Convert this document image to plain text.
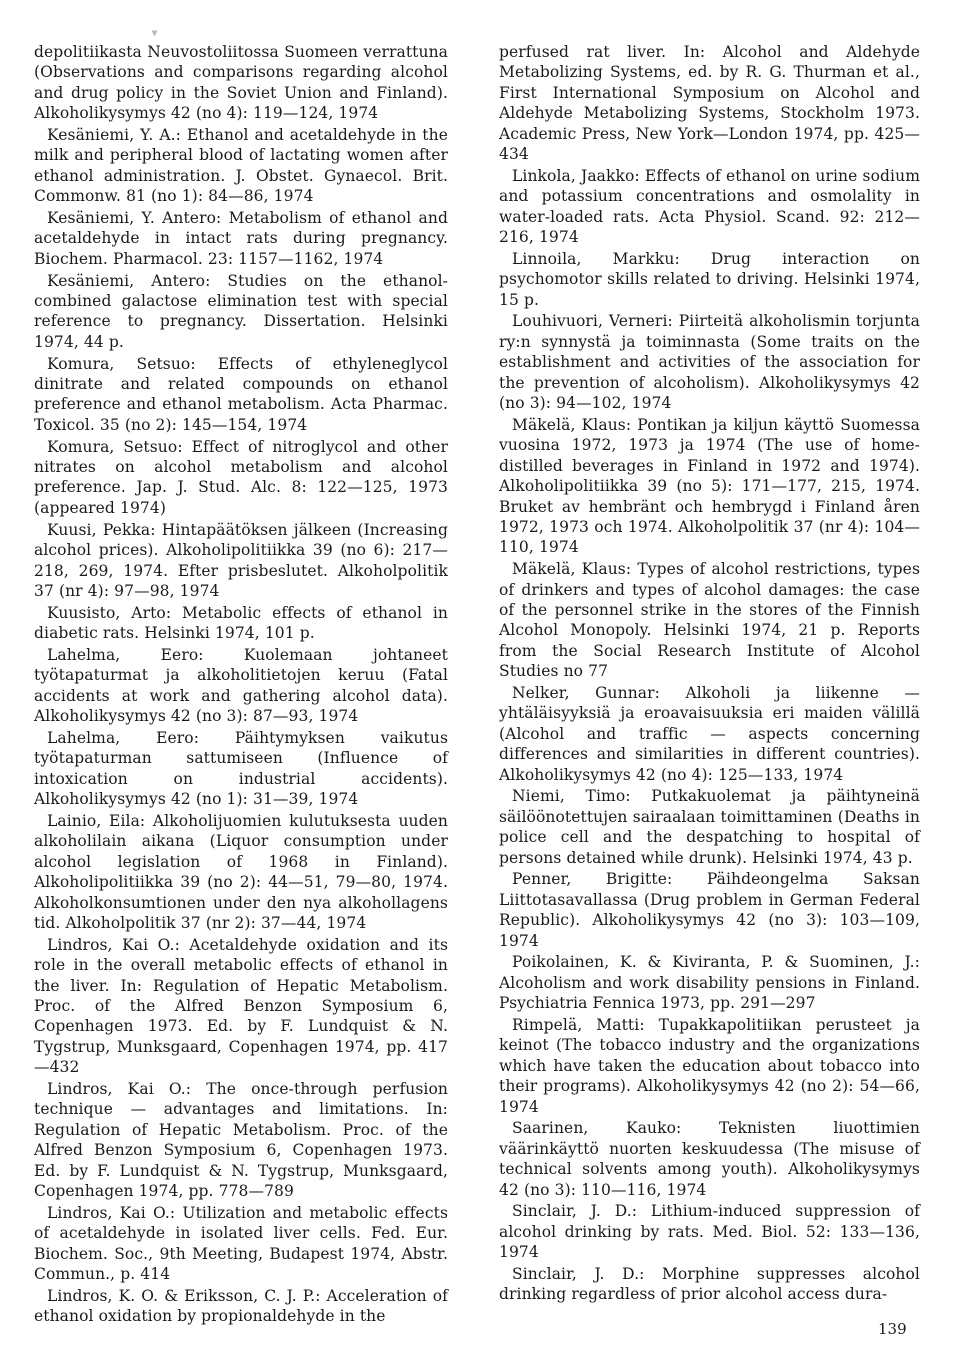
depolitiikasta Neuvostoliitossa Suomeen verrattuna (Observations and comparisons regarding alcohol and drug policy in the Soviet Union and Finland). Alkoholikysymys 42 (no 4): 119—124, 1974

Kesäniemi, Y. A.: Ethanol and acetaldehyde in the milk and peripheral blood of lactating women after ethanol administration. J. Obstet. Gynaecol. Brit. Commonw. 81 (no 1): 84—86, 1974

Kesäniemi, Y. Antero: Metabolism of ethanol and acetaldehyde in intact rats during pregnancy. Biochem. Pharmacol. 23: 1157—1162, 1974

Kesäniemi, Antero: Studies on the ethanol-combined galactose elimination test with special reference to pregnancy. Dissertation. Helsinki 1974, 44 p.

Komura, Setsuo: Effects of ethyleneglycol dinitrate and related compounds on ethanol preference and ethanol metabolism. Acta Pharmac. Toxicol. 35 (no 2): 145—154, 1974

Komura, Setsuo: Effect of nitroglycol and other nitrates on alcohol metabolism and alcohol preference. Jap. J. Stud. Alc. 8: 122—125, 1973 (appeared 1974)

Kuusi, Pekka: Hintapäätöksen jälkeen (Increasing alcohol prices). Alkoholipolitiikka 39 (no 6): 217—218, 269, 1974. Efter prisbeslutet. Alkoholpolitik 37 (nr 4): 97—98, 1974

Kuusisto, Arto: Metabolic effects of ethanol in diabetic rats. Helsinki 1974, 101 p.

Lahelma, Eero: Kuolemaan johtaneet työtapaturmat ja alkoholitietojen keruu (Fatal accidents at work and gathering alcohol data). Alkoholikysymys 42 (no 3): 87—93, 1974

Lahelma, Eero: Päihtymyksen vaikutus työtapaturman sattumiseen (Influence of intoxication on industrial accidents). Alkoholikysymys 42 (no 1): 31—39, 1974

Lainio, Eila: Alkoholijuomien kulutuksesta uuden alkoholilain aikana (Liquor consumption under alcohol legislation of 1968 in Finland). Alkoholipolitiikka 39 (no 2): 44—51, 79—80, 1974. Alkoholkonsumtionen under den nya alkohollagens tid. Alkoholpolitik 37 (nr 2): 37—44, 1974

Lindros, Kai O.: Acetaldehyde oxidation and its role in the overall metabolic effects of ethanol in the liver. In: Regulation of Hepatic Metabolism. Proc. of the Alfred Benzon Symposium 6, Copenhagen 1973. Ed. by F. Lundquist & N. Tygstrup, Munksgaard, Copenhagen 1974, pp. 417—432

Lindros, Kai O.: The once-through perfusion technique — advantages and limitations. In: Regulation of Hepatic Metabolism. Proc. of the Alfred Benzon Symposium 6, Copenhagen 1973. Ed. by F. Lundquist & N. Tygstrup, Munksgaard, Copenhagen 1974, pp. 778—789

Lindros, Kai O.: Utilization and metabolic effects of acetaldehyde in isolated liver cells. Fed. Eur. Biochem. Soc., 9th Meeting, Budapest 1974, Abstr. Commun., p. 414

Lindros, K. O. & Eriksson, C. J. P.: Acceleration of ethanol oxidation by propionaldehyde in the

perfused rat liver. In: Alcohol and Aldehyde Metabolizing Systems, ed. by R. G. Thurman et al., First International Symposium on Alcohol and Aldehyde Metabolizing Systems, Stockholm 1973. Academic Press, New York—London 1974, pp. 425—434

Linkola, Jaakko: Effects of ethanol on urine sodium and potassium concentrations and osmolality in water-loaded rats. Acta Physiol. Scand. 92: 212—216, 1974

Linnoila, Markku: Drug interaction on psychomotor skills related to driving. Helsinki 1974, 15 p.

Louhivuori, Verneri: Piirteitä alkoholismin torjunta ry:n synnystä ja toiminnasta (Some traits on the establishment and activities of the association for the prevention of alcoholism). Alkoholikysymys 42 (no 3): 94—102, 1974

Mäkelä, Klaus: Pontikan ja kiljun käyttö Suomessa vuosina 1972, 1973 ja 1974 (The use of home-distilled beverages in Finland in 1972 and 1974). Alkoholipolitiikka 39 (no 5): 171—177, 215, 1974. Bruket av hembränt och hembrygd i Finland åren 1972, 1973 och 1974. Alkoholpolitik 37 (nr 4): 104—110, 1974

Mäkelä, Klaus: Types of alcohol restrictions, types of drinkers and types of alcohol damages: the case of the personnel strike in the stores of the Finnish Alcohol Monopoly. Helsinki 1974, 21 p. Reports from the Social Research Institute of Alcohol Studies no 77

Nelker, Gunnar: Alkoholi ja liikenne — yhtäläisyyksiä ja eroavaisuuksia eri maiden välillä (Alcohol and traffic — aspects concerning differences and similarities in different countries). Alkoholikysymys 42 (no 4): 125—133, 1974

Niemi, Timo: Putkakuolemat ja päihtyneinä säilöönotettujen sairaalaan toimittaminen (Deaths in police cell and the despatching to hospital of persons detained while drunk). Helsinki 1974, 43 p.

Penner, Brigitte: Päihdeongelma Saksan Liittotasavallassa (Drug problem in German Federal Republic). Alkoholikysymys 42 (no 3): 103—109, 1974

Poikolainen, K. & Kiviranta, P. & Suominen, J.: Alcoholism and work disability pensions in Finland. Psychiatria Fennica 1973, pp. 291—297

Rimpelä, Matti: Tupakkapolitiikan perusteet ja keinot (The tobacco industry and the organizations which have taken the education about tobacco into their programs). Alkoholikysymys 42 (no 2): 54—66, 1974

Saarinen, Kauko: Teknisten liuottimien väärinkäyttö nuorten keskuudessa (The misuse of technical solvents among youth). Alkoholikysymys 42 (no 3): 110—116, 1974

Sinclair, J. D.: Lithium-induced suppression of alcohol drinking by rats. Med. Biol. 52: 133—136, 1974

Sinclair, J. D.: Morphine suppresses alcohol drinking regardless of prior alcohol access dura-

139
